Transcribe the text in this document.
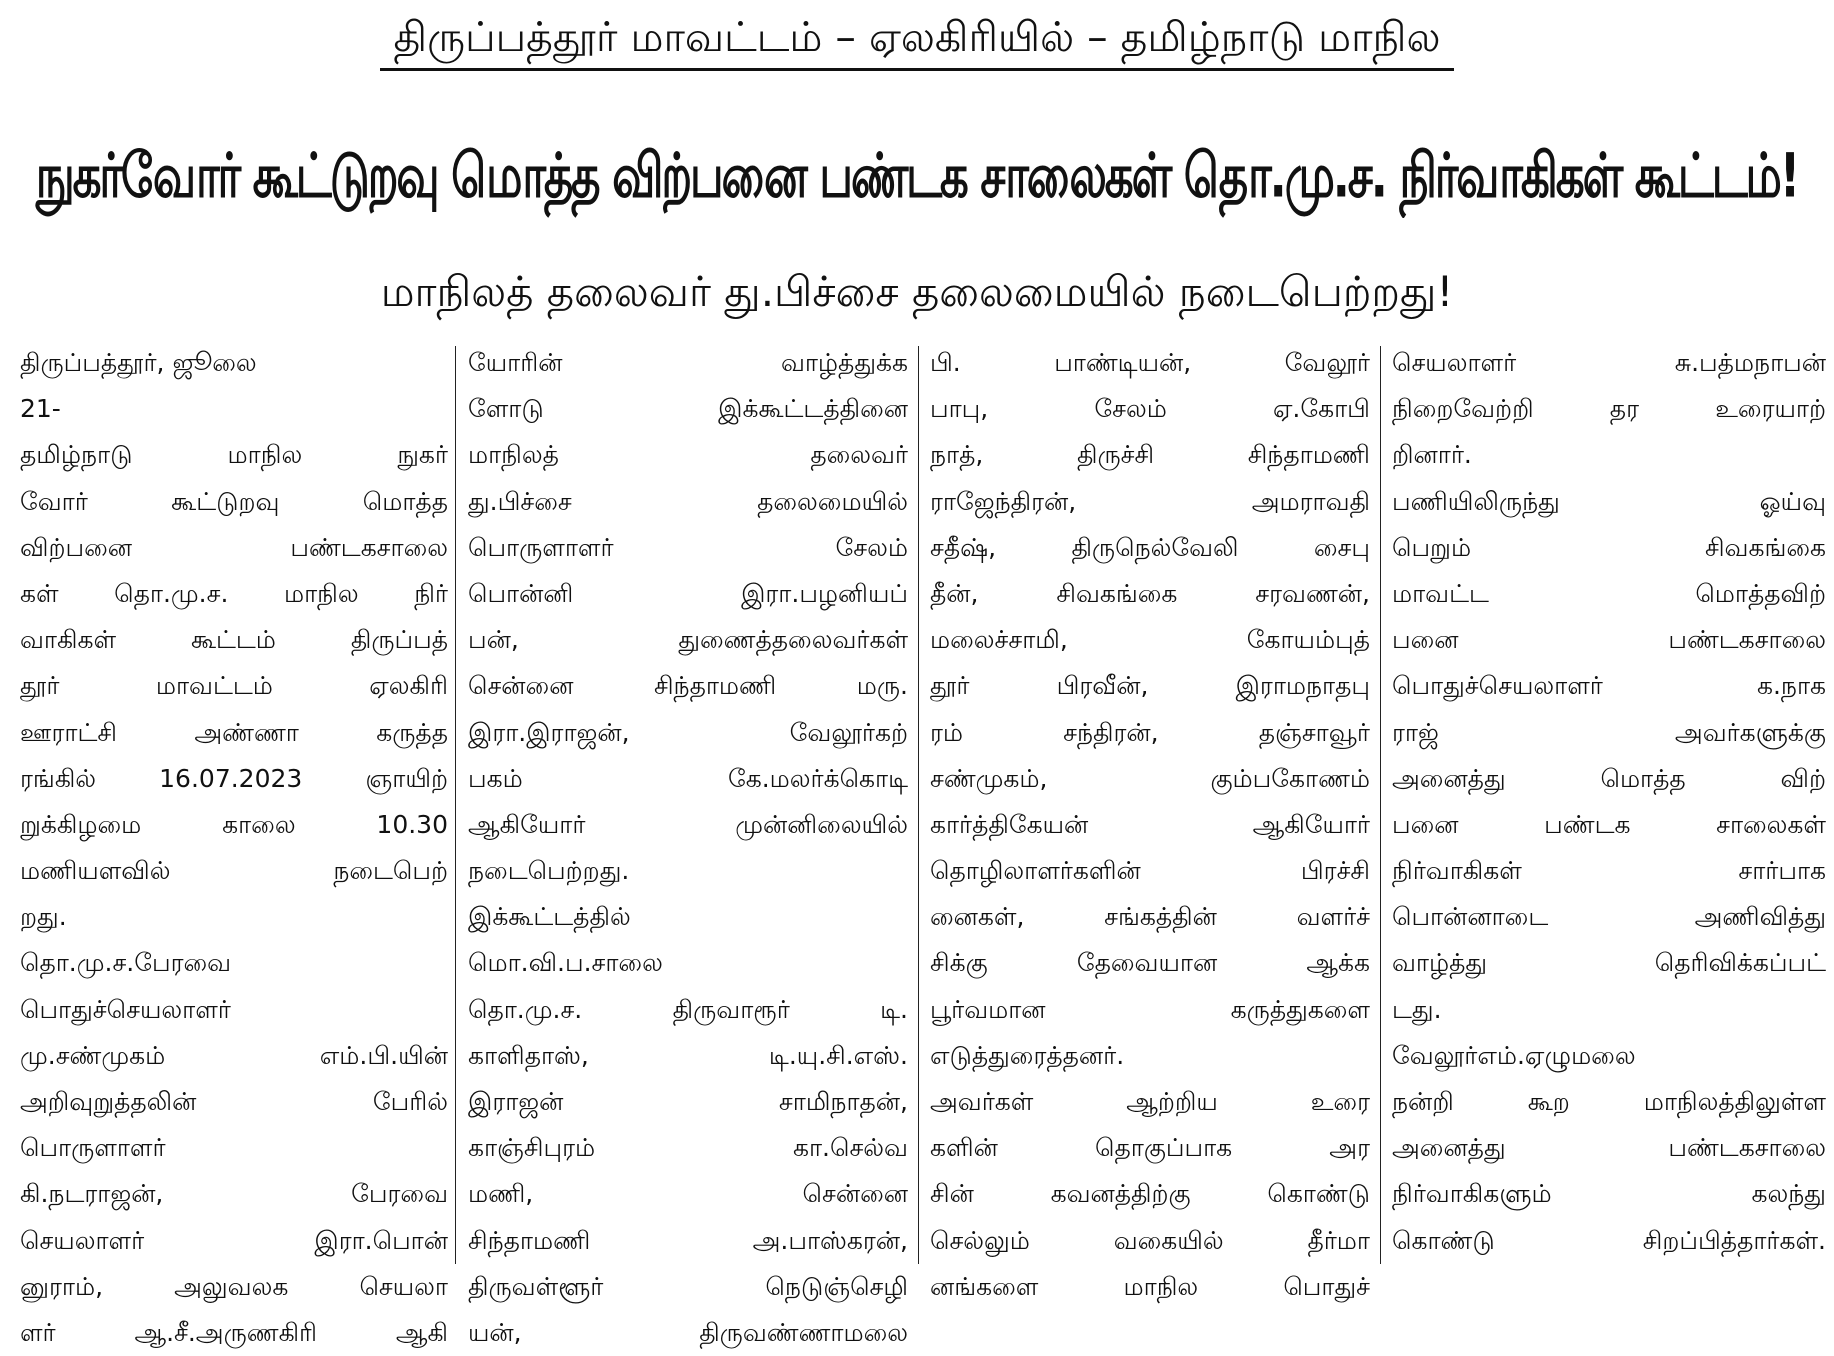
திருப்பத்தூர் மாவட்டம் – ஏலகிரியில் – தமிழ்நாடு மாநில
நுகர்வோர் கூட்டுறவு மொத்த விற்பனை பண்டக சாலைகள் தொ.மு.ச. நிர்வாகிகள் கூட்டம்!
மாநிலத் தலைவர் து.பிச்சை தலைமையில் நடைபெற்றது!
திருப்பத்தூர், ஜூலை
21-
தமிழ்நாடு மாநில நுகர்
வோர் கூட்டுறவு மொத்த
விற்பனை பண்டகசாலை
கள் தொ.மு.ச. மாநில நிர்
வாகிகள் கூட்டம் திருப்பத்
தூர் மாவட்டம் ஏலகிரி
ஊராட்சி அண்ணா கருத்த
ரங்கில் 16.07.2023 ஞாயிற்
றுக்கிழமை காலை 10.30
மணியளவில் நடைபெற்
றது.
தொ.மு.ச.பேரவை
பொதுச்செயலாளர்
மு.சண்முகம் எம்.பி.யின்
அறிவுறுத்தலின் பேரில்
பொருளாளர்
கி.நடராஜன், பேரவை
செயலாளர் இரா.பொன்
னுராம், அலுவலக செயலா
ளர் ஆ.சீ.அருணகிரி ஆகி
யோரின் வாழ்த்துக்க
ளோடு இக்கூட்டத்தினை
மாநிலத் தலைவர்
து.பிச்சை தலைமையில்
பொருளாளர் சேலம்
பொன்னி இரா.பழனியப்
பன், துணைத்தலைவர்கள்
சென்னை சிந்தாமணி மரு.
இரா.இராஜன், வேலூர்கற்
பகம் கே.மலர்க்கொடி
ஆகியோர் முன்னிலையில்
நடைபெற்றது.
இக்கூட்டத்தில்
மொ.வி.ப.சாலை
தொ.மு.ச. திருவாரூர் டி.
காளிதாஸ், டி.யு.சி.எஸ்.
இராஜன் சாமிநாதன்,
காஞ்சிபுரம் கா.செல்வ
மணி, சென்னை
சிந்தாமணி அ.பாஸ்கரன்,
திருவள்ளூர் நெடுஞ்செழி
யன், திருவண்ணாமலை
பி. பாண்டியன், வேலூர்
பாபு, சேலம் ஏ.கோபி
நாத், திருச்சி சிந்தாமணி
ராஜேந்திரன், அமராவதி
சதீஷ், திருநெல்வேலி சைபு
தீன், சிவகங்கை சரவணன்,
மலைச்சாமி, கோயம்புத்
தூர் பிரவீன், இராமநாதபு
ரம் சந்திரன், தஞ்சாவூர்
சண்முகம், கும்பகோணம்
கார்த்திகேயன் ஆகியோர்
தொழிலாளர்களின் பிரச்சி
னைகள், சங்கத்தின் வளர்ச்
சிக்கு தேவையான ஆக்க
பூர்வமான கருத்துகளை
எடுத்துரைத்தனர்.
அவர்கள் ஆற்றிய உரை
களின் தொகுப்பாக அர
சின் கவனத்திற்கு கொண்டு
செல்லும் வகையில் தீர்மா
னங்களை மாநில பொதுச்
செயலாளர் சு.பத்மநாபன்
நிறைவேற்றி தர உரையாற்
றினார்.
பணியிலிருந்து ஓய்வு
பெறும் சிவகங்கை
மாவட்ட மொத்தவிற்
பனை பண்டகசாலை
பொதுச்செயலாளர் க.நாக
ராஜ் அவர்களுக்கு
அனைத்து மொத்த விற்
பனை பண்டக சாலைகள்
நிர்வாகிகள் சார்பாக
பொன்னாடை அணிவித்து
வாழ்த்து தெரிவிக்கப்பட்
டது.
வேலூர்எம்.ஏழுமலை
நன்றி கூற மாநிலத்திலுள்ள
அனைத்து பண்டகசாலை
நிர்வாகிகளும் கலந்து
கொண்டு சிறப்பித்தார்கள்.
